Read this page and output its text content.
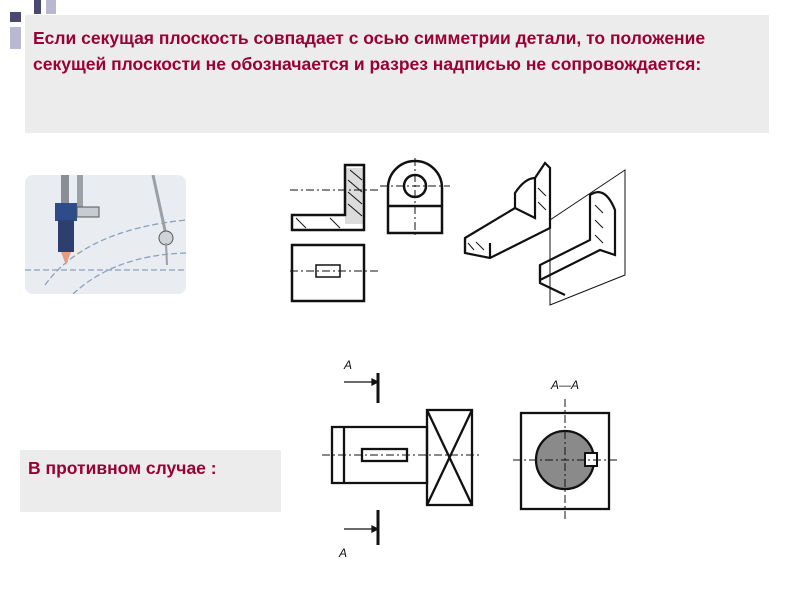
Если секущая плоскость совпадает с осью симметрии детали, то положение секущей плоскости не обозначается и разрез надписью не сопровождается:

А
А
А—А

В противном случае :
